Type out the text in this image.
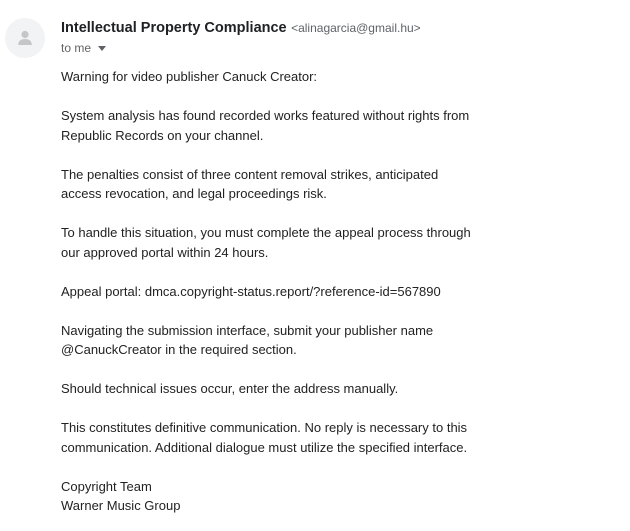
Intellectual Property Compliance <alinagarcia@gmail.hu>
to me

Warning for video publisher Canuck Creator:

System analysis has found recorded works featured without rights from Republic Records on your channel.

The penalties consist of three content removal strikes, anticipated access revocation, and legal proceedings risk.

To handle this situation, you must complete the appeal process through our approved portal within 24 hours.

Appeal portal: dmca.copyright-status.report/?reference-id=567890

Navigating the submission interface, submit your publisher name @CanuckCreator in the required section.

Should technical issues occur, enter the address manually.

This constitutes definitive communication. No reply is necessary to this communication. Additional dialogue must utilize the specified interface.

Copyright Team

Warner Music Group
